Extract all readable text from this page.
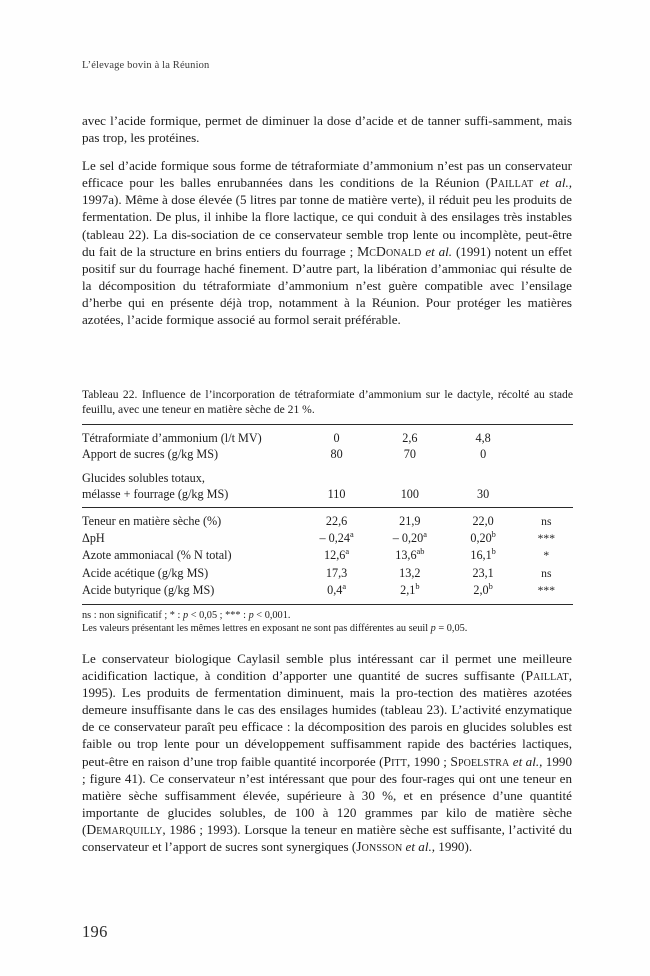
L’élevage bovin à la Réunion

avec l’acide formique, permet de diminuer la dose d’acide et de tanner suffi-samment, mais pas trop, les protéines.

Le sel d’acide formique sous forme de tétraformiate d’ammonium n’est pas un conservateur efficace pour les balles enrubannées dans les conditions de la Réunion (Paillat et al., 1997a). Même à dose élevée (5 litres par tonne de matière verte), il réduit peu les produits de fermentation. De plus, il inhibe la flore lactique, ce qui conduit à des ensilages très instables (tableau 22). La dis-sociation de ce conservateur semble trop lente ou incomplète, peut-être du fait de la structure en brins entiers du fourrage ; McDonald et al. (1991) notent un effet positif sur du fourrage haché finement. D’autre part, la libération d’ammoniac qui résulte de la décomposition du tétraformiate d’ammonium n’est guère compatible avec l’ensilage d’herbe qui en présente déjà trop, notamment à la Réunion. Pour protéger les matières azotées, l’acide formique associé au formol serait préférable.

Tableau 22. Influence de l’incorporation de tétraformiate d’ammonium sur le dactyle, récolté au stade feuillu, avec une teneur en matière sèche de 21 %.
Tétraformiate d’ammonium (l/t MV)	0	2,6	4,8	
Apport de sucres (g/kg MS)	80	70	0	

Glucides solubles totaux,				
mélasse + fourrage (g/kg MS)	110	100	30	
Teneur en matière sèche (%)	22,6	21,9	22,0	ns
ΔpH	– 0,24$^a$	– 0,20$^a$	0,20$^b$	***
Azote ammoniacal (% N total)	12,6$^a$	13,6$^{ab}$	16,1$^b$	*
Acide acétique (g/kg MS)	17,3	13,2	23,1	ns
Acide butyrique (g/kg MS)	0,4$^a$	2,1$^b$	2,0$^b$	***
ns : non significatif ; * : p < 0,05 ; *** : p < 0,001.
Les valeurs présentant les mêmes lettres en exposant ne sont pas différentes au seuil p = 0,05.

Le conservateur biologique Caylasil semble plus intéressant car il permet une meilleure acidification lactique, à condition d’apporter une quantité de sucres suffisante (Paillat, 1995). Les produits de fermentation diminuent, mais la pro-tection des matières azotées demeure insuffisante dans le cas des ensilages humides (tableau 23). L’activité enzymatique de ce conservateur paraît peu efficace : la décomposition des parois en glucides solubles est faible ou trop lente pour un développement suffisamment rapide des bactéries lactiques, peut-être en raison d’une trop faible quantité incorporée (Pitt, 1990 ; Spoelstra et al., 1990 ; figure 41). Ce conservateur n’est intéressant que pour des four-rages qui ont une teneur en matière sèche suffisamment élevée, supérieure à 30 %, et en présence d’une quantité importante de glucides solubles, de 100 à 120 grammes par kilo de matière sèche (Demarquilly, 1986 ; 1993). Lorsque la teneur en matière sèche est suffisante, l’activité du conservateur et l’apport de sucres sont synergiques (Jonsson et al., 1990).

196
